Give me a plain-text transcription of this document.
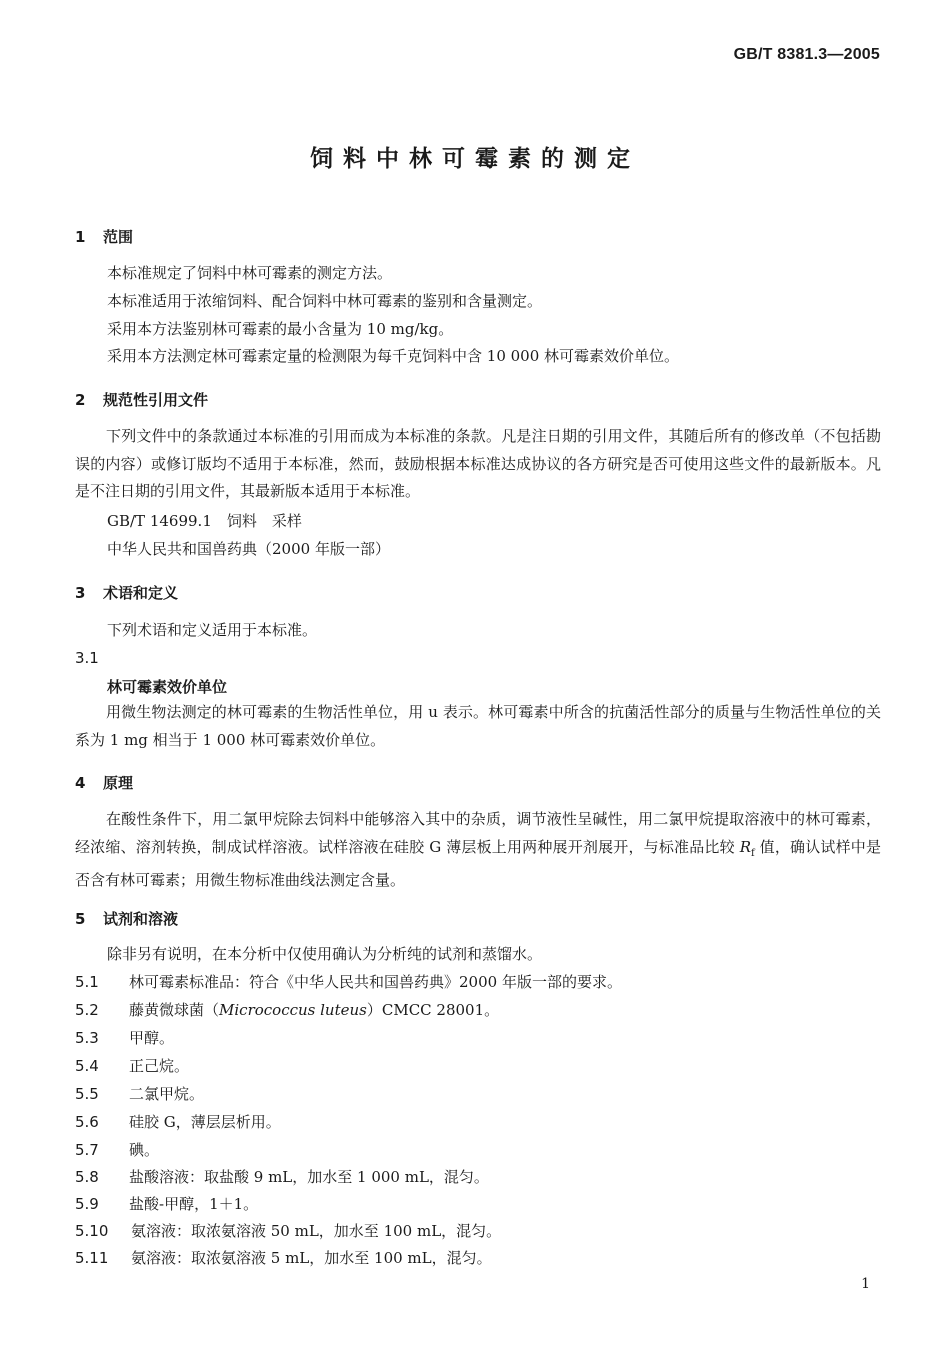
GB/T 8381.3—2005
饲料中林可霉素的测定
1 范围
本标准规定了饲料中林可霉素的测定方法。
本标准适用于浓缩饲料、配合饲料中林可霉素的鉴别和含量测定。
采用本方法鉴别林可霉素的最小含量为 10 mg/kg。
采用本方法测定林可霉素定量的检测限为每千克饲料中含 10 000 林可霉素效价单位。
2 规范性引用文件
下列文件中的条款通过本标准的引用而成为本标准的条款。凡是注日期的引用文件，其随后所有的修改单（不包括勘误的内容）或修订版均不适用于本标准，然而，鼓励根据本标准达成协议的各方研究是否可使用这些文件的最新版本。凡是不注日期的引用文件，其最新版本适用于本标准。
GB/T 14699.1　饲料　采样
中华人民共和国兽药典（2000 年版一部）
3 术语和定义
下列术语和定义适用于本标准。
3.1
林可霉素效价单位
用微生物法测定的林可霉素的生物活性单位，用 u 表示。林可霉素中所含的抗菌活性部分的质量与生物活性单位的关系为 1 mg 相当于 1 000 林可霉素效价单位。
4 原理
在酸性条件下，用二氯甲烷除去饲料中能够溶入其中的杂质，调节液性呈碱性，用二氯甲烷提取溶液中的林可霉素，经浓缩、溶剂转换，制成试样溶液。试样溶液在硅胶 G 薄层板上用两种展开剂展开，与标准品比较 $R_f$ 值，确认试样中是否含有林可霉素；用微生物标准曲线法测定含量。
5 试剂和溶液
除非另有说明，在本分析中仅使用确认为分析纯的试剂和蒸馏水。
5.1 林可霉素标准品：符合《中华人民共和国兽药典》2000 年版一部的要求。
5.2 藤黄微球菌（Micrococcus luteus）CMCC 28001。
5.3 甲醇。
5.4 正己烷。
5.5 二氯甲烷。
5.6 硅胶 G，薄层层析用。
5.7 碘。
5.8 盐酸溶液：取盐酸 9 mL，加水至 1 000 mL，混匀。
5.9 盐酸-甲醇，1＋1。
5.10 氨溶液：取浓氨溶液 50 mL，加水至 100 mL，混匀。
5.11 氨溶液：取浓氨溶液 5 mL，加水至 100 mL，混匀。
1
